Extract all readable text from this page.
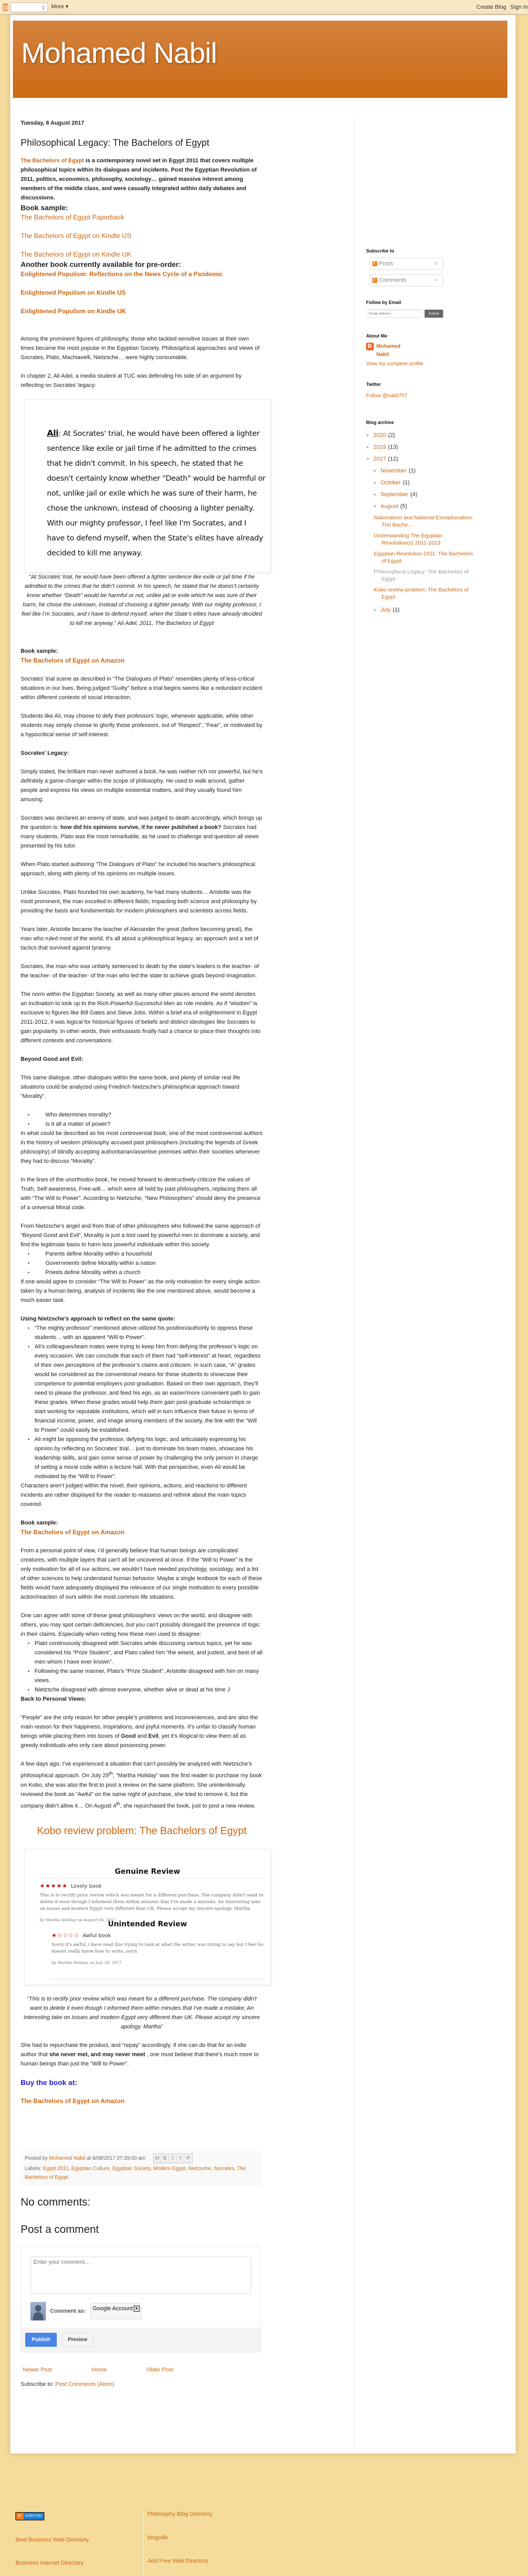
⚲ More ▾	Create Blog Sign In
Mohamed Nabil
Tuesday, 8 August 2017
Philosophical Legacy: The Bachelors of Egypt

The Bachelors of Egypt is a contemporary novel set in Egypt 2011 that covers multiple philosophical topics within its dialogues and incidents. Post the Egyptian Revolution of 2011, politics, economics, philosophy, sociology… gained massive interest among members of the middle class, and were casually integrated within daily debates and discussions.

Book sample:
The Bachelors of Egypt Paperback
The Bachelors of Egypt on Kindle US
The Bachelors of Egypt on Kindle UK
Another book currently available for pre-order:
Enlightened Populism: Reflections on the News Cycle of a Pandemic
Enlightened Populism on Kindle US
Enlightened Populism on Kindle UK

Among the prominent figures of philosophy, those who tackled sensitive issues at their own times became the most popular in the Egyptian Society. Philosophical approaches and views of Socrates, Plato, Machiavelli, Nietzsche… were highly consumable.

In chapter 2, Ali Adel, a media student at TUC was defending his side of an argument by reflecting on Socrates' legacy:

Ali: At Socrates' trial, he would have been offered a lighter sentence like exile or jail time if he admitted to the crimes that he didn't commit. In his speech, he stated that he doesn't certainly know whether "Death" would be harmful or not, unlike jail or exile which he was sure of their harm, he chose the unknown, instead of choosing a lighter penalty.
With our mighty professor, I feel like I'm Socrates, and I have to defend myself, when the State's elites have already decided to kill me anyway.

“At Socrates’ trial, he would have been offered a lighter sentence like exile or jail time if he admitted to the crimes that he didn’t commit. In his speech, he stated that he doesn’t certainly know whether “Death” would be harmful or not, unlike jail or exile which he was sure of their harm, he chose the unknown, instead of choosing a lighter penalty. With our mighty professor, I feel like I’m Socrates, and I have to defend myself, when the State’s elites have already decided to kill me anyway,” Ali Adel, 2011, The Bachelors of Egypt

Book sample:

The Bachelors of Egypt on Amazon

Socrates’ trial scene as described in “The Dialogues of Plato” resembles plenty of less-critical situations in our lives. Being judged “Guilty” before a trial begins seems like a redundant incident within different contexts of social interaction.

Students like Ali, may choose to defy their professors’ logic, whenever applicable, while other students may simply choose to glorify those professors, out of “Respect”, “Fear”, or motivated by a hypocritical sense of self-interest.

Socrates’ Legacy:

Simply stated, the brilliant man never authored a book, he was neither rich nor powerful, but he's definitely a game-changer within the scope of philosophy. He used to walk around, gather people and express his views on multiple existential matters, and they usually found him amusing.

Socrates was declared an enemy of state, and was judged to death accordingly, which brings up the question is: how did his opinions survive, if he never published a book? Socrates had many students, Plato was the most remarkable; as he used to challenge and question all views presented by his tutor.

When Plato started authoring "The Dialogues of Plato" he included his teacher's philosophical approach, along with plenty of his opinions on multiple issues.

Unlike Socrates, Plato founded his own academy, he had many students… Aristotle was the most prominent, the man excelled in different fields; impacting both science and philosophy by providing the basis and fundamentals for modern philosophers and scientists across fields.

Years later, Aristotle became the teacher of Alexander the great (before becoming great), the man who ruled most of the world. It's all about a philosophical legacy, an approach and a set of tactics that survived against tyranny.

Socrates, the man who was unfairly sentenced to death by the state’s leaders is the teacher- of the teacher- of the teacher- of the man who led the state to achieve goals beyond imagination.

The norm within the Egyptian Society, as well as many other places around the world denotes an inclination to look up to the Rich-Powerful-Successful-Men as role models. As if “wisdom” is exclusive to figures like Bill Gates and Steve Jobs. Within a brief era of enlightenment in Egypt 2011-2012, it was logical for historical figures of beliefs and distinct ideologies like Socrates to gain popularity. In other words, their enthusiasts finally had a chance to place their thoughts into different contexts and conversations.

Beyond Good and Evil:

This same dialogue, other dialogues within the same book, and plenty of similar real life situations could be analyzed using Friedrich Nietzsche’s philosophical approach toward “Morality”.

• Who determines morality?
• Is it all a matter of power?

In what could be described as his most controversial book, one of the most controversial authors in the history of western philosophy accused past philosophers (including the legends of Greek philosophy) of blindly accepting authoritarian/assertive premises within their societies whenever they had to discuss “Morality”.

In the lines of the unorthodox book, he moved forward to destructively criticize the values of Truth, Self-awareness, Free-will… which were all held by past philosophers, replacing them all with “The Will to Power”. According to Nietzsche, “New Philosophers” should deny the presence of a universal Moral code.

From Nietzsche’s angel and from that of other philosophers who followed the same approach of “Beyond Good and Evil”, Morality is just a tool used by powerful men to dominate a society, and find the legitimate basis to harm less powerful individuals within this society

• Parents define Morality within a household
• Governments define Morality within a nation
• Priests define Morality within a church

If one would agree to consider “The Will to Power” as the only motivation for every single action taken by a human being, analysis of incidents like the one mentioned above, would become a much easier task.

Using Nietzsche’s approach to reflect on the same quote:

• “The mighty professor” mentioned above utilized his position/authority to oppress these students… with an apparent “Will to Power”.
• Ali’s colleagues/team mates were trying to keep him from defying the professor’s logic on every occasion. We can conclude that each of them had “self-interest” at heart, regardless of their own perceptions of the professor’s claims and criticism. In such case, “A” grades would be considered as the conventional means for these students to showcase their competence to potential employers post-graduation. Based on their own approach, they’ll need to please the professor, and feed his ego, as an easier/more convenient path to gain these grades. When these grades would help them gain post-graduate scholarships or start working for reputable institutions, which will in turn influence their future in terms of financial income, power, and image among members of the society, the link with the “Will to Power” could easily be established.
• Ali might be opposing the professor, defying his logic, and articulately expressing his opinion by reflecting on Socrates’ trial… just to dominate his team mates, showcase his leadership skills, and gain some sense of power by challenging the only person in charge of setting a moral code within a lecture hall. With that perspective, even Ali would be motivated by the “Will to Power”.

Characters aren’t judged within the novel, their opinions, actions, and reactions to different incidents are rather displayed for the reader to reassess and rethink about the main topics covered.

Book sample:

The Bachelors of Egypt on Amazon

From a personal point of view, I’d generally believe that human beings are complicated creatures, with multiple layers that can’t all be uncovered at once. If the “Will to Power” is the only motivation for all of our actions, we wouldn’t have needed psychology, sociology, and a list of other sciences to help understand human behavior. Maybe a single textbook for each of these fields would have adequately displayed the relevance of our single motivation to every possible action/reaction of ours within the most common life situations.

One can agree with some of these great philosophers’ views on the world, and disagree with others, you may spot certain deficiencies, but you can’t possibly disregard the presence of logic in their claims. Especially when noting how these men used to disagree:

• Plato continuously disagreed with Socrates while discussing various topics, yet he was considered his “Prize Student”, and Plato called him “the wisest, and justest, and best of all men whom I have ever known”.
• Following the same manner, Plato’s “Prize Student”, Aristotle disagreed with him on many views.
• Nietzsche disagreed with almost everyone, whether alive or dead at his time J

Back to Personal Views:

“People” are the only reason for other people’s problems and inconveniences, and are also the main reason for their happiness, inspirations, and joyful moments. It’s unfair to classify human beings while placing them into boxes of Good and Evil, yet it’s illogical to view them all as greedy individuals who only care about possessing power.

A few days ago, I’ve experienced a situation that can’t possibly be analyzed with Nietzsche’s philosophical approach. On July 29th, “Martha Holiday” was the first reader to purchase my book on Kobo, she was also the first to post a review on the same platform. She unintentionally reviewed the book as “Awful” on the same night of purchase, she tried to remove it, but the company didn’t allow it… On August 4th, she repurchased the book, just to post a new review.

Kobo review problem: The Bachelors of Egypt
Genuine Review
★★★★★ Lovely book
This is to rectify prior review which was meant for a different purchase. The company didn't want to delete it even though I informed them within minutes that I've made a mistake; An interesting take on issues and modern Egypt very different than UK. Please accept my sincere apology. Martha
by Martha Holiday on August 04, 2017
Unintended Review
★☆☆☆☆ Awful book
Sorry it's awful, i have read this trying to look at what the writer was trying to say but I feel he doesnt really know how to write, sorry
by Martha Holiday on July 29, 2017

“This is to rectify prior review which was meant for a different purchase. The company didn't want to delete it even though I informed them within minutes that I've made a mistake; An interesting take on issues and modern Egypt very different than UK. Please accept my sincere apology. Martha”

She had to repurchase the product, and “repay” accordingly. If she can do that for an indie author that she never met, and may never meet , one must believe that there’s much more to human beings than just the “Will to Power”.

Buy the book at:

The Bachelors of Egypt on Amazon
Posted by Mohamed Nabil at 8/08/2017 07:39:00 am M B	t	f	P
Labels: Egypt 2011, Egyptian Culture, Egyptian Society, Modern Egypt, Nietzsche, Socrates, The Bachelors of Egypt
No comments:
Post a comment
Enter your comment...
Comment as:	Google Account ▼
Publish	Preview
Newer Post	Home	Older Post
Subscribe to: Post Comments (Atom)
Subscribe to
)
Posts	∨
)
Comments	∨
Follow by Email
Email address...
Submit
About Me
B
Mohamed Nabil
View my complete profile
Twitter
Follow @nabil707
Blog archive
► 2020 (2)
► 2019 (13)
▼ 2017 (12)
► November (1)
► October (1)
► September (4)
▼ August (5)
Nationalism and National Exceptionalism: The Bache...
Understanding The Egyptian Revolution(s) 2011-2013
Egyptian Revolution 2011: The Bachelors of Egypt
Philosophical Legacy: The Bachelors of Egypt
Kobo review problem: The Bachelors of Egypt
► July (1)
BF	DIRECTORY
Best Business Web Directory
Business Internet Directory
Philosophy Blog Directory
blogville
Add Free Web Directory
